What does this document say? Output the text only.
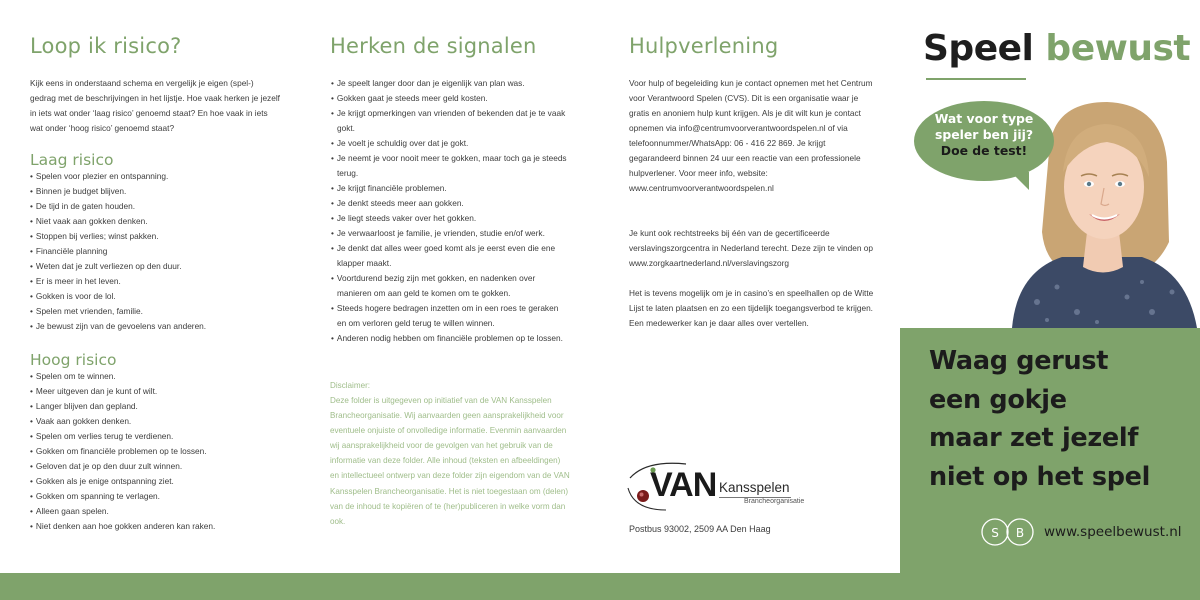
Loop ik risico?

Kijk eens in onderstaand schema en vergelijk je eigen (spel-) gedrag met de beschrijvingen in het lijstje. Hoe vaak herken je jezelf in iets wat onder ‘laag risico’ genoemd staat? En hoe vaak in iets wat onder ‘hoog risico’ genoemd staat?

Laag risico
• Spelen voor plezier en ontspanning.
• Binnen je budget blijven.
• De tijd in de gaten houden.
• Niet vaak aan gokken denken.
• Stoppen bij verlies; winst pakken.
• Financiële planning
• Weten dat je zult verliezen op den duur.
• Er is meer in het leven.
• Gokken is voor de lol.
• Spelen met vrienden, familie.
• Je bewust zijn van de gevoelens van anderen.
Hoog risico
• Spelen om te winnen.
• Meer uitgeven dan je kunt of wilt.
• Langer blijven dan gepland.
• Vaak aan gokken denken.
• Spelen om verlies terug te verdienen.
• Gokken om financiële problemen op te lossen.
• Geloven dat je op den duur zult winnen.
• Gokken als je enige ontspanning ziet.
• Gokken om spanning te verlagen.
• Alleen gaan spelen.
• Niet denken aan hoe gokken anderen kan raken.
Herken de signalen
• Je speelt langer door dan je eigenlijk van plan was.
• Gokken gaat je steeds meer geld kosten.
• Je krijgt opmerkingen van vrienden of bekenden dat je te vaak gokt.
• Je voelt je schuldig over dat je gokt.
• Je neemt je voor nooit meer te gokken, maar toch ga je steeds terug.
• Je krijgt financiële problemen.
• Je denkt steeds meer aan gokken.
• Je liegt steeds vaker over het gokken.
• Je verwaarloost je familie, je vrienden, studie en/of werk.
• Je denkt dat alles weer goed komt als je eerst even die ene klapper maakt.
• Voortdurend bezig zijn met gokken, en nadenken over manieren om aan geld te komen om te gokken.
• Steeds hogere bedragen inzetten om in een roes te geraken en om verloren geld terug te willen winnen.
• Anderen nodig hebben om financiële problemen op te lossen.
Disclaimer:

Deze folder is uitgegeven op initiatief van de VAN Kansspelen Brancheorganisatie. Wij aanvaarden geen aansprakelijkheid voor eventuele onjuiste of onvolledige informatie. Evenmin aanvaarden wij aansprakelijkheid voor de gevolgen van het gebruik van de informatie van deze folder. Alle inhoud (teksten en afbeeldingen) en intellectueel ontwerp van deze folder zijn eigendom van de VAN Kansspelen Brancheorganisatie. Het is niet toegestaan om (delen) van de inhoud te kopiëren of te (her)publiceren in welke vorm dan ook.

Hulpverlening

Voor hulp of begeleiding kun je contact opnemen met het Centrum voor Verantwoord Spelen (CVS). Dit is een organisatie waar je gratis en anoniem hulp kunt krijgen. Als je dit wilt kun je contact opnemen via info@centrumvoorverantwoordspelen.nl of via telefoonnummer/WhatsApp: 06 - 416 22 869. Je krijgt gegarandeerd binnen 24 uur een reactie van een professionele hulpverlener. Voor meer info, website: www.centrumvoorverantwoordspelen.nl

Je kunt ook rechtstreeks bij één van de gecertificeerde verslavingszorgcentra in Nederland terecht. Deze zijn te vinden op www.zorgkaartnederland.nl/verslavingszorg

Het is tevens mogelijk om je in casino’s en speelhallen op de Witte Lijst te laten plaatsen en zo een tijdelijk toegangsverbod te krijgen. Een medewerker kan je daar alles over vertellen.

VAN Kansspelen
Brancheorganisatie
Postbus 93002, 2509 AA Den Haag
Speel bewust
Wat voor type
speler ben jij?
Doe de test!
Waag gerust
een gokje
maar zet jezelf
niet op het spel
S B www.speelbewust.nl
